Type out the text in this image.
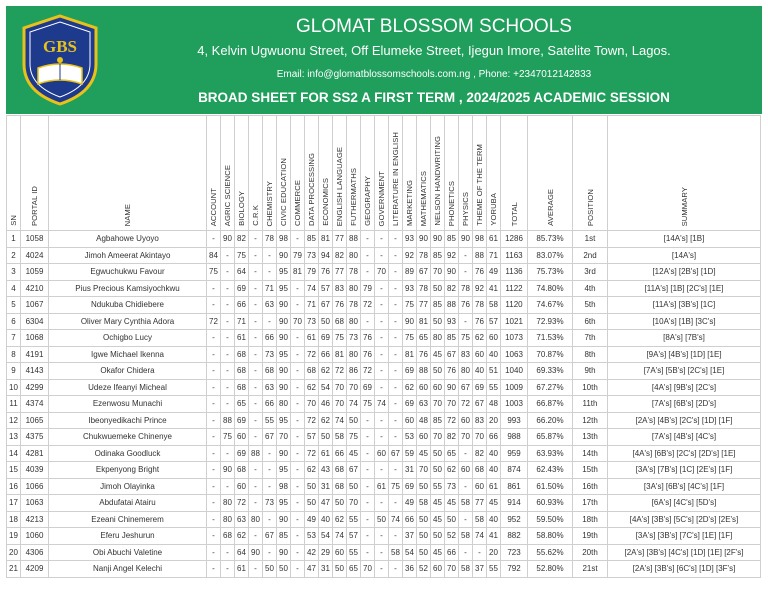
GBS
GLOMAT BLOSSOM SCHOOLS
4, Kelvin Ugwuonu Street, Off Elumeke Street, Ijegun Imore, Satelite Town, Lagos.
Email: info@glomatblossomschools.com.ng , Phone: +2347012142833
BROAD SHEET FOR SS2 A FIRST TERM , 2024/2025 ACADEMIC SESSION
SN	PORTAL ID	NAME	ACCOUNT	AGRIC SCIENCE	BIOLOGY	C.R.K	CHEMISTRY	CIVIC EDUCATION	COMMERCE	DATA PROCESSING	ECONOMICS	ENGLISH LANGUAGE	FUTHERMATHS	GEOGRAPHY	GOVERNMENT	LITERATURE IN ENGLISH	MARKETING	MATHEMATICS	NELSON HANDWRITING	PHONETICS	PHYSICS	THEME OF THE TERM	YORUBA	TOTAL	AVERAGE	POSITION	SUMMARY
1	1058	Agbahowe Uyoyo	-	90	82	-	78	98	-	85	81	77	88	-	-	-	93	90	90	85	90	98	61	1286	85.73%	1st	[14A's] [1B]
2	4024	Jimoh Ameerat Akintayo	84	-	75	-	-	90	79	73	94	82	80	-	-	-	92	78	85	92	-	88	71	1163	83.07%	2nd	[14A's]
3	1059	Egwuchukwu Favour	75	-	64	-	-	95	81	79	76	77	78	-	70	-	89	67	70	90	-	76	49	1136	75.73%	3rd	[12A's] [2B's] [1D]
4	4210	Pius Precious Kamsiyochkwu	-	-	69	-	71	95	-	74	57	83	80	79	-	-	93	78	50	82	78	92	41	1122	74.80%	4th	[11A's] [1B] [2C's] [1E]
5	1067	Ndukuba Chidiebere	-	-	66	-	63	90	-	71	67	76	78	72	-	-	75	77	85	88	76	78	58	1120	74.67%	5th	[11A's] [3B's] [1C]
6	6304	Oliver Mary Cynthia Adora	72	-	71	-	-	90	70	73	50	68	80	-	-	-	90	81	50	93	-	76	57	1021	72.93%	6th	[10A's] [1B] [3C's]
7	1068	Ochigbo Lucy	-	-	61	-	66	90	-	61	69	75	73	76	-	-	75	65	80	85	75	62	60	1073	71.53%	7th	[8A's] [7B's]
8	4191	Igwe Michael Ikenna	-	-	68	-	73	95	-	72	66	81	80	76	-	-	81	76	45	67	83	60	40	1063	70.87%	8th	[9A's] [4B's] [1D] [1E]
9	4143	Okafor Chidera	-	-	68	-	68	90	-	68	62	72	86	72	-	-	69	88	50	76	80	40	51	1040	69.33%	9th	[7A's] [5B's] [2C's] [1E]
10	4299	Udeze Ifeanyi Micheal	-	-	68	-	63	90	-	62	54	70	70	69	-	-	62	60	60	90	67	69	55	1009	67.27%	10th	[4A's] [9B's] [2C's]
11	4374	Ezenwosu Munachi	-	-	65	-	66	80	-	70	46	70	74	75	74	-	69	63	70	70	72	67	48	1003	66.87%	11th	[7A's] [6B's] [2D's]
12	1065	Ibeonyedikachi Prince	-	88	69	-	55	95	-	72	62	74	50	-	-	-	60	48	85	72	60	83	20	993	66.20%	12th	[2A's] [4B's] [2C's] [1D] [1F]
13	4375	Chukwuemeke Chinenye	-	75	60	-	67	70	-	57	50	58	75	-	-	-	53	60	70	82	70	70	66	988	65.87%	13th	[7A's] [4B's] [4C's]
14	4281	Odinaka Goodluck	-	-	69	88	-	90	-	72	61	66	45	-	60	67	59	45	50	65	-	82	40	959	63.93%	14th	[4A's] [6B's] [2C's] [2D's] [1E]
15	4039	Ekpenyong Bright	-	90	68	-	-	95	-	62	43	68	67	-	-	-	31	70	50	62	60	68	40	874	62.43%	15th	[3A's] [7B's] [1C] [2E's] [1F]
16	1066	Jimoh Olayinka	-	-	60	-	-	98	-	50	31	68	50	-	61	75	69	50	55	73	-	60	61	861	61.50%	16th	[3A's] [6B's] [4C's] [1F]
17	1063	Abdufatai Atairu	-	80	72	-	73	95	-	50	47	50	70	-	-	-	49	58	45	45	58	77	45	914	60.93%	17th	[6A's] [4C's] [5D's]
18	4213	Ezeani Chinemerem	-	80	63	80	-	90	-	49	40	62	55	-	50	74	66	50	45	50	-	58	40	952	59.50%	18th	[4A's] [3B's] [5C's] [2D's] [2E's]
19	1060	Eferu Jeshurun	-	68	62	-	67	85	-	53	54	74	57	-	-	-	37	50	50	52	58	74	41	882	58.80%	19th	[3A's] [3B's] [7C's] [1E] [1F]
20	4306	Obi Abuchi Valetine	-	-	64	90	-	90	-	42	29	60	55	-	-	58	54	50	45	66	-	-	20	723	55.62%	20th	[2A's] [3B's] [4C's] [1D] [1E] [2F's]
21	4209	Nanji Angel Kelechi	-	-	61	-	50	50	-	47	31	50	65	70	-	-	36	52	60	70	58	37	55	792	52.80%	21st	[2A's] [3B's] [6C's] [1D] [3F's]
